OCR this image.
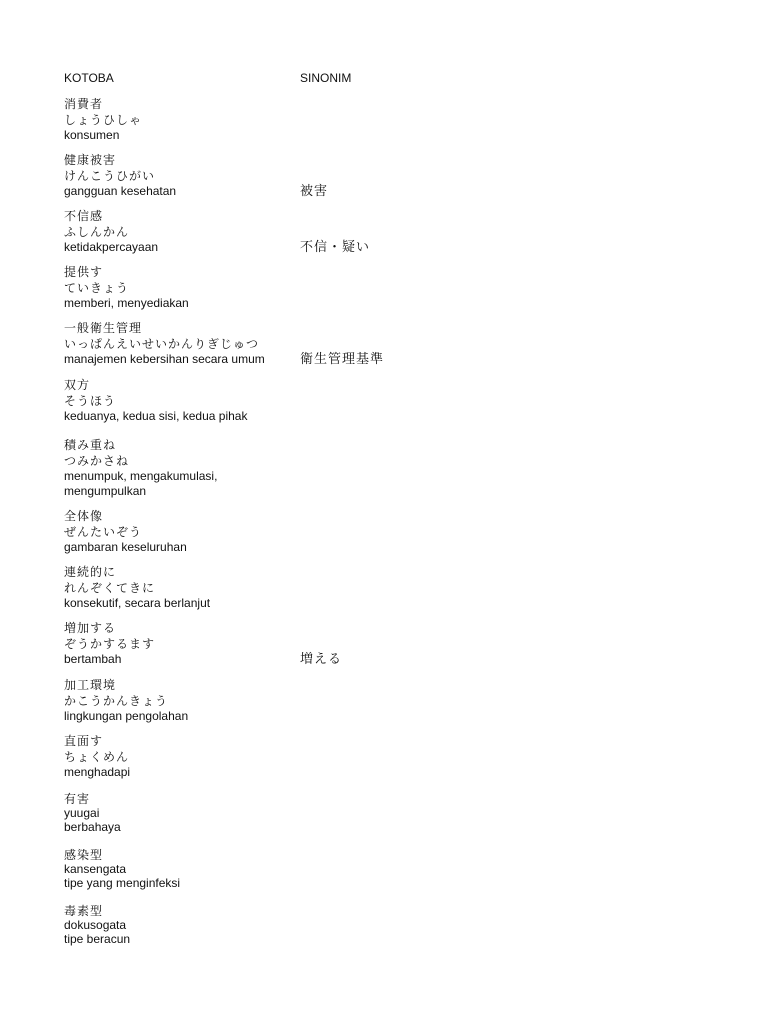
KOTOBA	SINONIM
消費者
しょうひしゃ
konsumen
健康被害
けんこうひがい
gangguan kesehatan	被害
不信感
ふしんかん
ketidakpercayaan	不信・疑い
提供す
ていきょう
memberi, menyediakan
一般衛生管理
いっぱんえいせいかんりぎじゅつ
manajemen kebersihan secara umum	衛生管理基準
双方
そうほう
keduanya, kedua sisi, kedua pihak
積み重ね
つみかさね
menumpuk, mengakumulasi,
mengumpulkan
全体像
ぜんたいぞう
gambaran keseluruhan
連続的に
れんぞくてきに
konsekutif, secara berlanjut
増加する
ぞうかするます
bertambah	増える
加工環境
かこうかんきょう
lingkungan pengolahan
直面す
ちょくめん
menghadapi
有害
yuugai
berbahaya
感染型
kansengata
tipe yang menginfeksi
毒素型
dokusogata
tipe beracun
